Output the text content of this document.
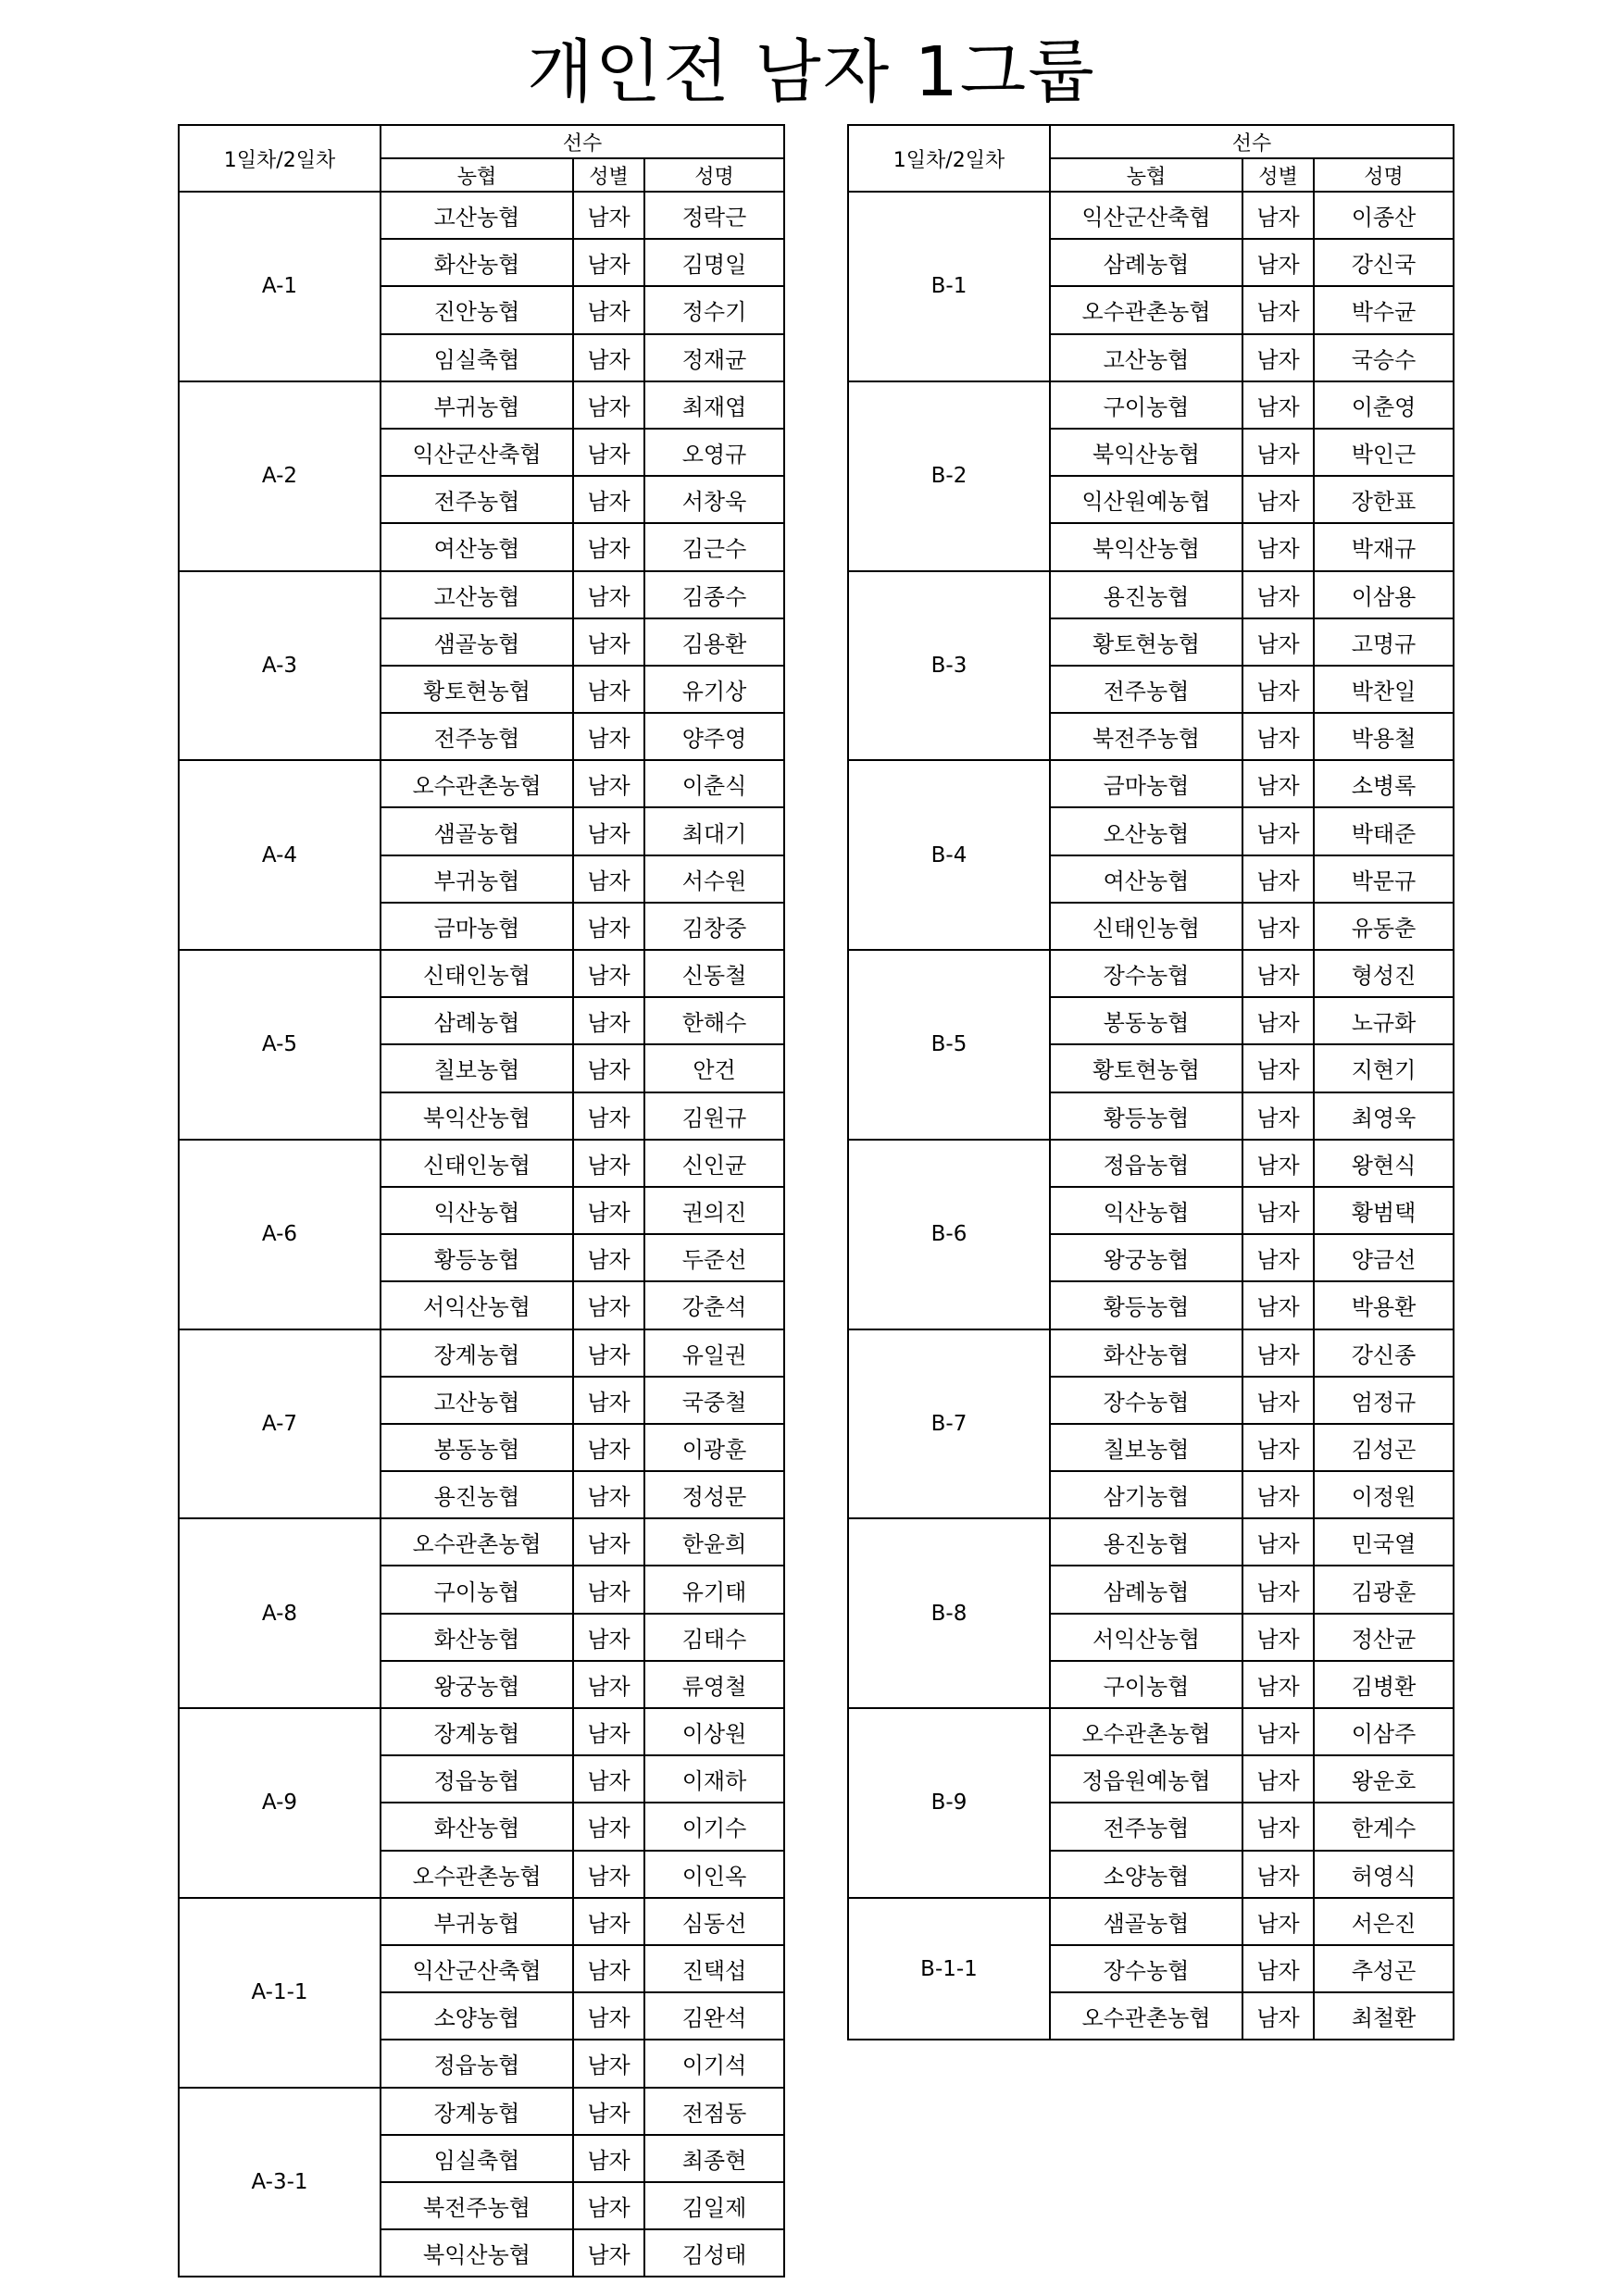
개인전 남자 1그룹
1일차/2일차	선수		
	농협	성별	성명
A-1	고산농협	남자	정락근
	화산농협	남자	김명일
	진안농협	남자	정수기
	임실축협	남자	정재균
A-2	부귀농협	남자	최재엽
	익산군산축협	남자	오영규
	전주농협	남자	서창욱
	여산농협	남자	김근수
A-3	고산농협	남자	김종수
	샘골농협	남자	김용환
	황토현농협	남자	유기상
	전주농협	남자	양주영
A-4	오수관촌농협	남자	이춘식
	샘골농협	남자	최대기
	부귀농협	남자	서수원
	금마농협	남자	김창중
A-5	신태인농협	남자	신동철
	삼례농협	남자	한해수
	칠보농협	남자	안건
	북익산농협	남자	김원규
A-6	신태인농협	남자	신인균
	익산농협	남자	권의진
	황등농협	남자	두준선
	서익산농협	남자	강춘석
A-7	장계농협	남자	유일권
	고산농협	남자	국중철
	봉동농협	남자	이광훈
	용진농협	남자	정성문
A-8	오수관촌농협	남자	한윤희
	구이농협	남자	유기태
	화산농협	남자	김태수
	왕궁농협	남자	류영철
A-9	장계농협	남자	이상원
	정읍농협	남자	이재하
	화산농협	남자	이기수
	오수관촌농협	남자	이인옥
A-1-1	부귀농협	남자	심동선
	익산군산축협	남자	진택섭
	소양농협	남자	김완석
	정읍농협	남자	이기석
A-3-1	장계농협	남자	전점동
	임실축협	남자	최종현
	북전주농협	남자	김일제
	북익산농협	남자	김성태
1일차/2일차	선수		
	농협	성별	성명
B-1	익산군산축협	남자	이종산
	삼례농협	남자	강신국
	오수관촌농협	남자	박수균
	고산농협	남자	국승수
B-2	구이농협	남자	이춘영
	북익산농협	남자	박인근
	익산원예농협	남자	장한표
	북익산농협	남자	박재규
B-3	용진농협	남자	이삼용
	황토현농협	남자	고명규
	전주농협	남자	박찬일
	북전주농협	남자	박용철
B-4	금마농협	남자	소병록
	오산농협	남자	박태준
	여산농협	남자	박문규
	신태인농협	남자	유동춘
B-5	장수농협	남자	형성진
	봉동농협	남자	노규화
	황토현농협	남자	지현기
	황등농협	남자	최영욱
B-6	정읍농협	남자	왕현식
	익산농협	남자	황범택
	왕궁농협	남자	양금선
	황등농협	남자	박용환
B-7	화산농협	남자	강신종
	장수농협	남자	엄정규
	칠보농협	남자	김성곤
	삼기농협	남자	이정원
B-8	용진농협	남자	민국열
	삼례농협	남자	김광훈
	서익산농협	남자	정산균
	구이농협	남자	김병환
B-9	오수관촌농협	남자	이삼주
	정읍원예농협	남자	왕운호
	전주농협	남자	한계수
	소양농협	남자	허영식
B-1-1	샘골농협	남자	서은진
	장수농협	남자	추성곤
	오수관촌농협	남자	최철환
